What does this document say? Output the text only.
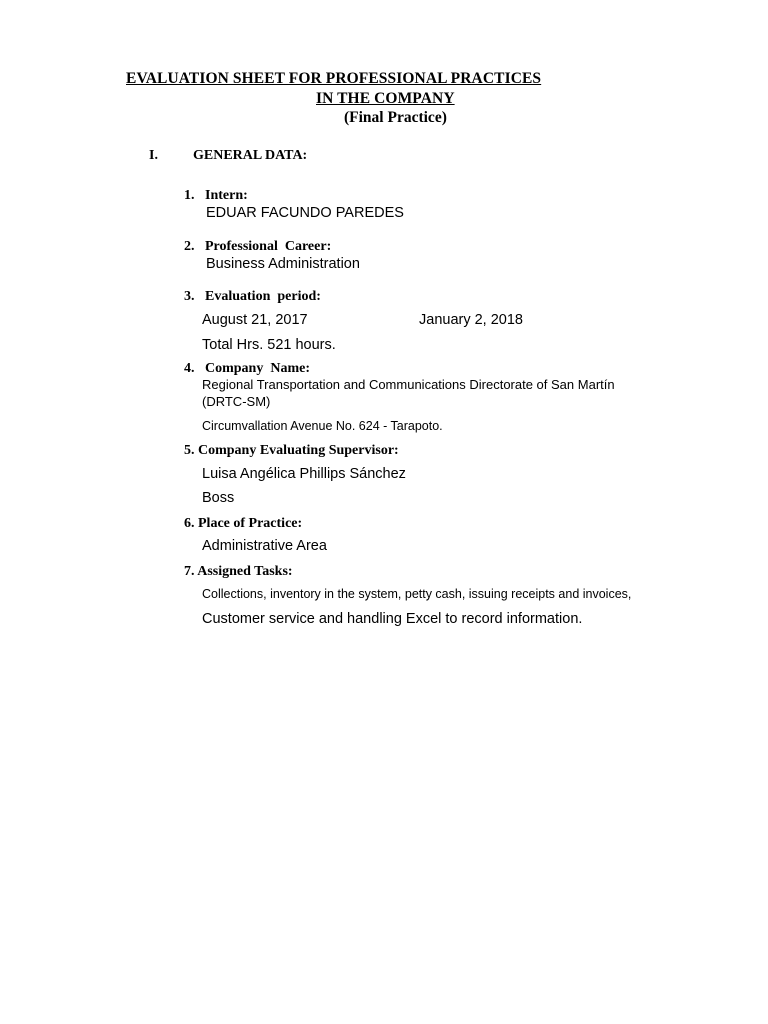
EVALUATION SHEET FOR PROFESSIONAL PRACTICES
IN THE COMPANY
(Final Practice)
I.	GENERAL DATA:
1. Intern:
EDUAR FACUNDO PAREDES
2. Professional  Career:
Business Administration
3. Evaluation  period:
August 21, 2017	January 2, 2018
Total Hrs. 521 hours.
4. Company  Name:
Regional Transportation and Communications Directorate of San Martín
(DRTC-SM)
Circumvallation Avenue No. 624 - Tarapoto.
5. Company Evaluating Supervisor:
Luisa Angélica Phillips Sánchez
Boss
6. Place of Practice:
Administrative Area
7. Assigned Tasks:
Collections, inventory in the system, petty cash, issuing receipts and invoices,
Customer service and handling Excel to record information.
